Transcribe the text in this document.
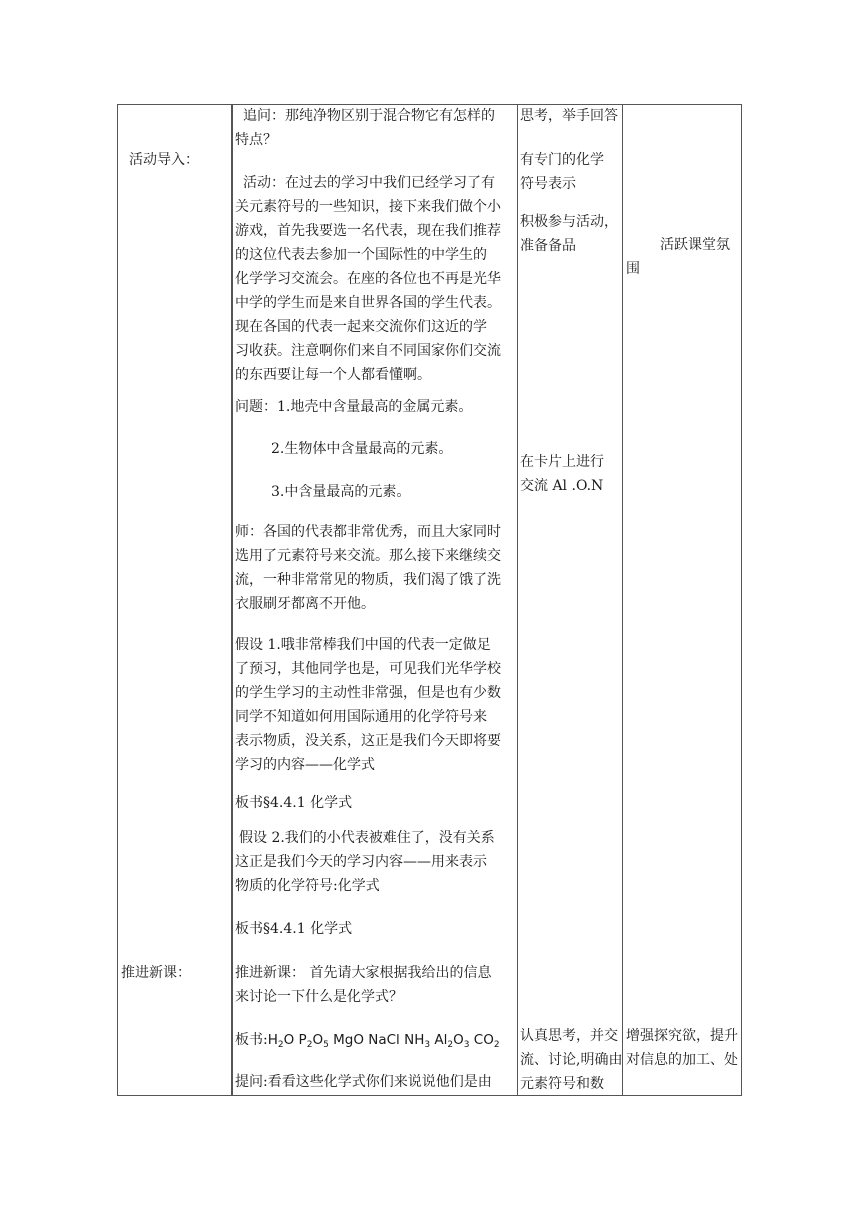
活动导入：
推进新课：
追问：那纯净物区别于混合物它有怎样的
特点？
活动：在过去的学习中我们已经学习了有
关元素符号的一些知识，接下来我们做个小
游戏，首先我要选一名代表，现在我们推荐
的这位代表去参加一个国际性的中学生的
化学学习交流会。在座的各位也不再是光华
中学的学生而是来自世界各国的学生代表。
现在各国的代表一起来交流你们这近的学
习收获。注意啊你们来自不同国家你们交流
的东西要让每一个人都看懂啊。
问题：1.地壳中含量最高的金属元素。
2.生物体中含量最高的元素。
3.中含量最高的元素。
师：各国的代表都非常优秀，而且大家同时
选用了元素符号来交流。那么接下来继续交
流，一种非常常见的物质，我们渴了饿了洗
衣服刷牙都离不开他。
假设 1.哦非常棒我们中国的代表一定做足
了预习，其他同学也是，可见我们光华学校
的学生学习的主动性非常强，但是也有少数
同学不知道如何用国际通用的化学符号来
表示物质，没关系，这正是我们今天即将要
学习的内容——化学式
板书§4.4.1 化学式
假设 2.我们的小代表被难住了，没有关系
这正是我们今天的学习内容——用来表示
物质的化学符号:化学式
板书§4.4.1 化学式
推进新课： 首先请大家根据我给出的信息
来讨论一下什么是化学式？
板书$:H_2O$ $P_2O_5$ MgO NaCl $NH_3$ $Al_2O_3$ $CO_2$
提问:看看这些化学式你们来说说他们是由
思考，举手回答
有专门的化学
符号表示
积极参与活动，
准备备品
在卡片上进行
交流 Al .O.N
认真思考，并交
流、讨论,明确由
元素符号和数
活跃课堂氛
围
增强探究欲，提升
对信息的加工、处
